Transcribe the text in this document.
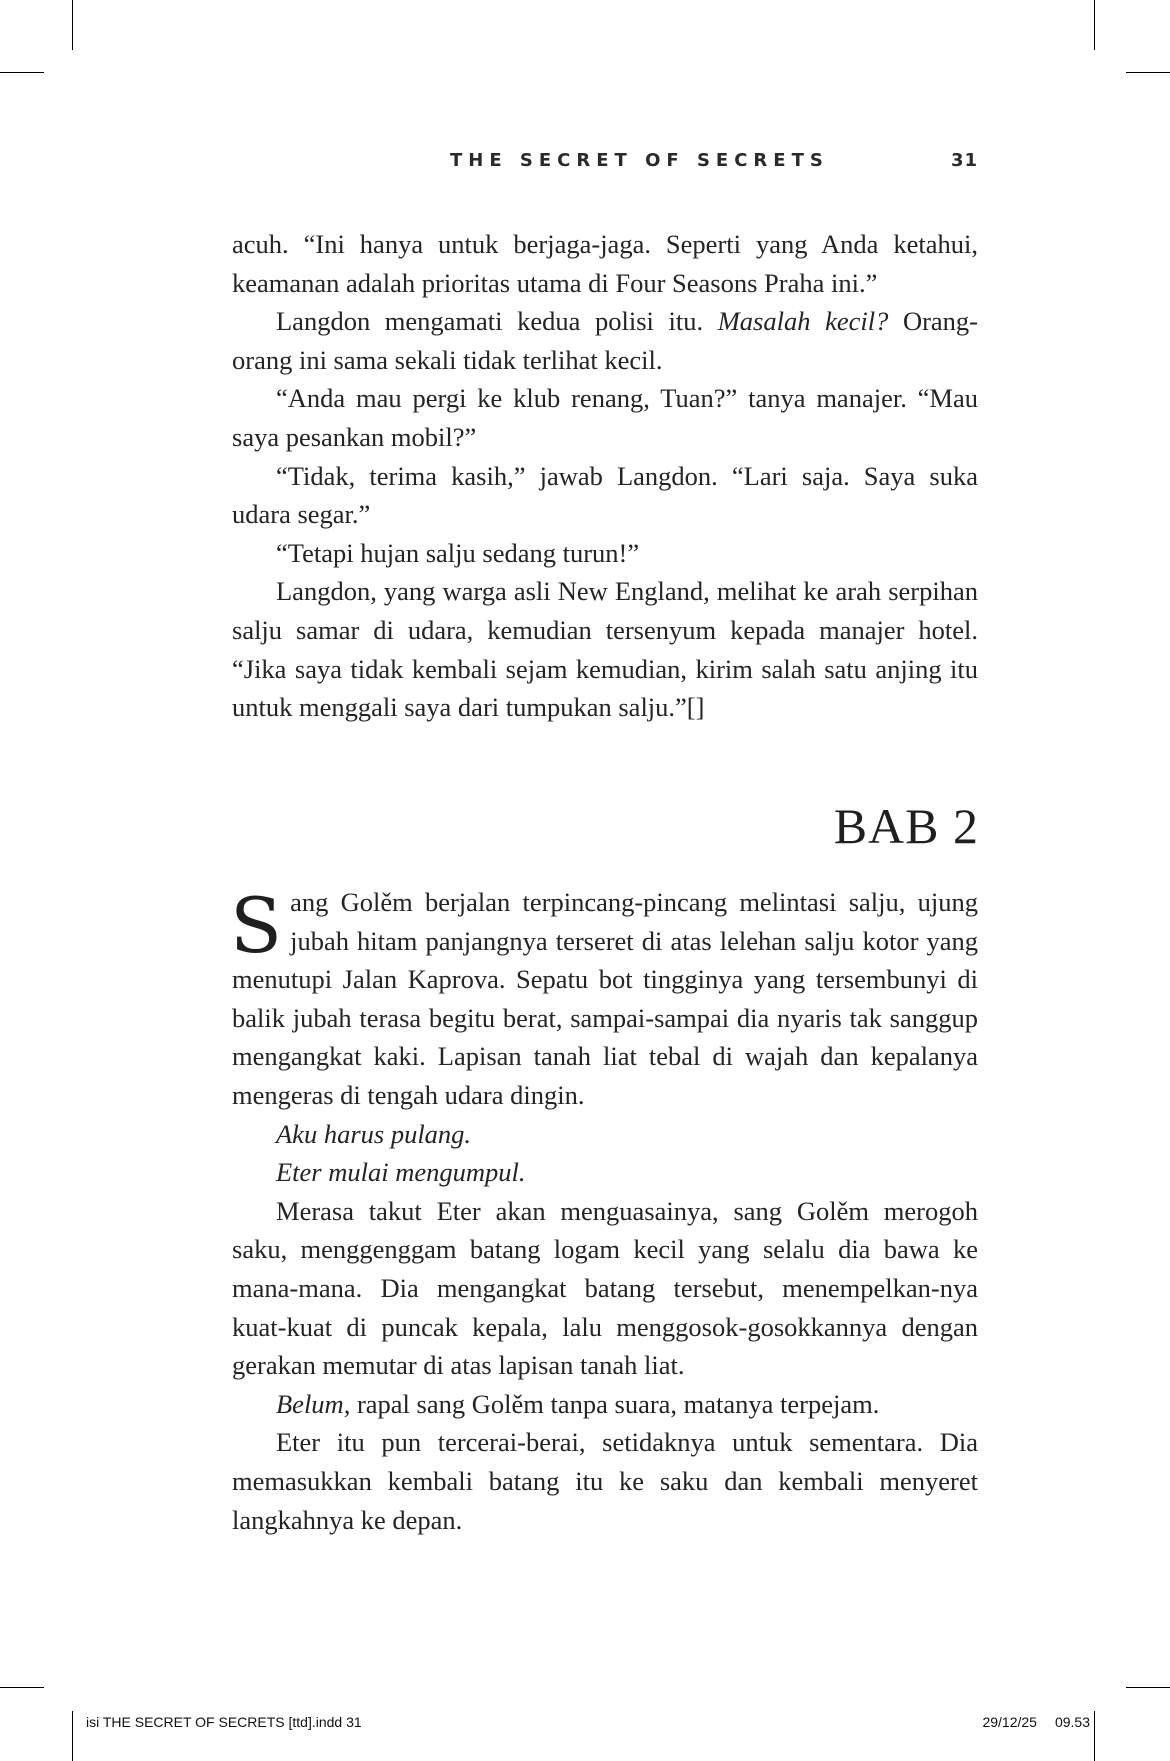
THE SECRET OF SECRETS	31

acuh. “Ini hanya untuk berjaga-jaga. Seperti yang Anda ketahui, keamanan adalah prioritas utama di Four Seasons Praha ini.”

Langdon mengamati kedua polisi itu. Masalah kecil? Orang-orang ini sama sekali tidak terlihat kecil.

“Anda mau pergi ke klub renang, Tuan?” tanya manajer. “Mau saya pesankan mobil?”

“Tidak, terima kasih,” jawab Langdon. “Lari saja. Saya suka udara segar.”

“Tetapi hujan salju sedang turun!”

Langdon, yang warga asli New England, melihat ke arah serpihan salju samar di udara, kemudian tersenyum kepada manajer hotel. “Jika saya tidak kembali sejam kemudian, kirim salah satu anjing itu untuk menggali saya dari tumpukan salju.”[]

BAB 2

Sang Golěm berjalan terpincang-pincang melintasi salju, ujung jubah hitam panjangnya terseret di atas lelehan salju kotor yang menutupi Jalan Kaprova. Sepatu bot tingginya yang tersembunyi di balik jubah terasa begitu berat, sampai-sampai dia nyaris tak sanggup mengangkat kaki. Lapisan tanah liat tebal di wajah dan kepalanya mengeras di tengah udara dingin.

Aku harus pulang.

Eter mulai mengumpul.

Merasa takut Eter akan menguasainya, sang Golěm merogoh saku, menggenggam batang logam kecil yang selalu dia bawa ke mana-mana. Dia mengangkat batang tersebut, menempelkan-nya kuat-kuat di puncak kepala, lalu menggosok-gosokkannya dengan gerakan memutar di atas lapisan tanah liat.

Belum, rapal sang Golěm tanpa suara, matanya terpejam.

Eter itu pun tercerai-berai, setidaknya untuk sementara. Dia memasukkan kembali batang itu ke saku dan kembali menyeret langkahnya ke depan.

isi THE SECRET OF SECRETS [ttd].indd 31	29/12/25 09.53
